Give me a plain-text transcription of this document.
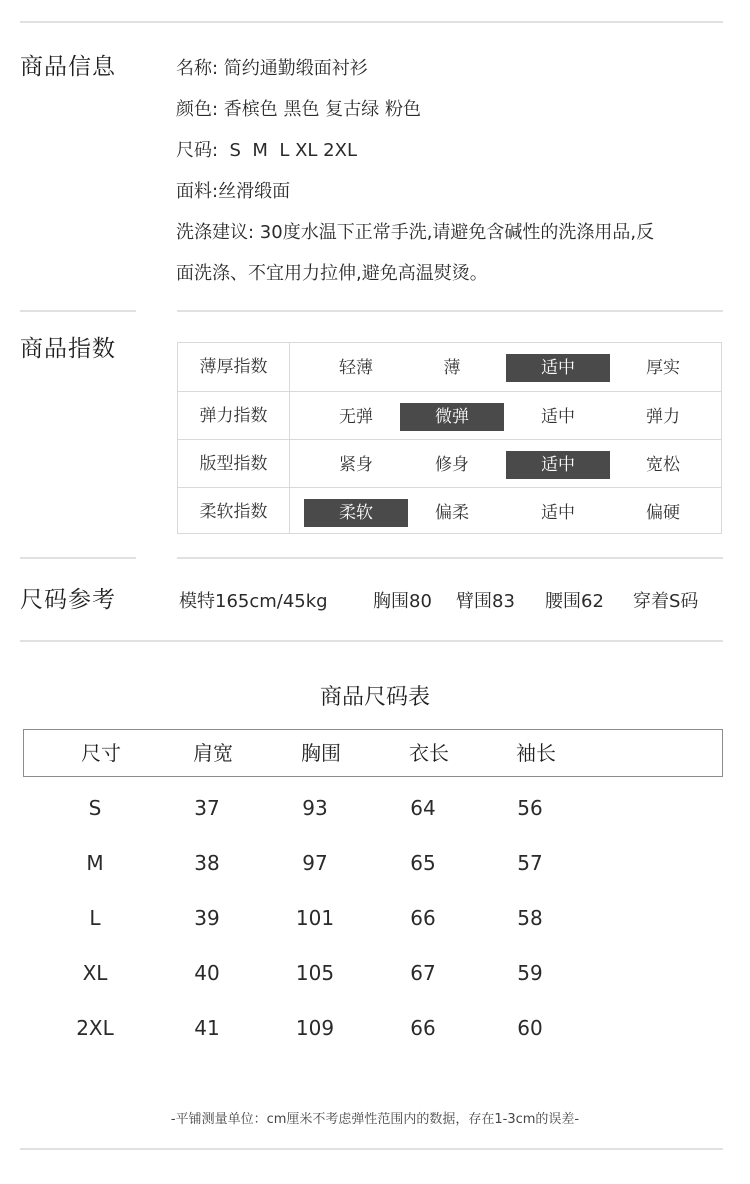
商品信息	名称: 简约通勤缎面衬衫
颜色: 香槟色 黑色 复古绿 粉色
尺码:  S  M  L XL 2XL
面料:丝滑缎面
洗涤建议: 30度水温下正常手洗,请避免含碱性的洗涤用品,反
面洗涤、不宜用力拉伸,避免高温熨烫。
商品指数
薄厚指数	轻薄	薄	适中	厚实
弹力指数	无弹	微弹	适中	弹力
版型指数	紧身	修身	适中	宽松
柔软指数	柔软	偏柔	适中	偏硬
尺码参考	模特165cm/45kg	胸围80 臂围83 腰围62 穿着S码
商品尺码表
尺寸	肩宽	胸围	衣长	袖长
S	37	93	64	56
M	38	97	65	57
L	39	101	66	58
XL	40	105	67	59
2XL	41	109	66	60
-平铺测量单位：cm厘米不考虑弹性范围内的数据，存在1-3cm的误差-
